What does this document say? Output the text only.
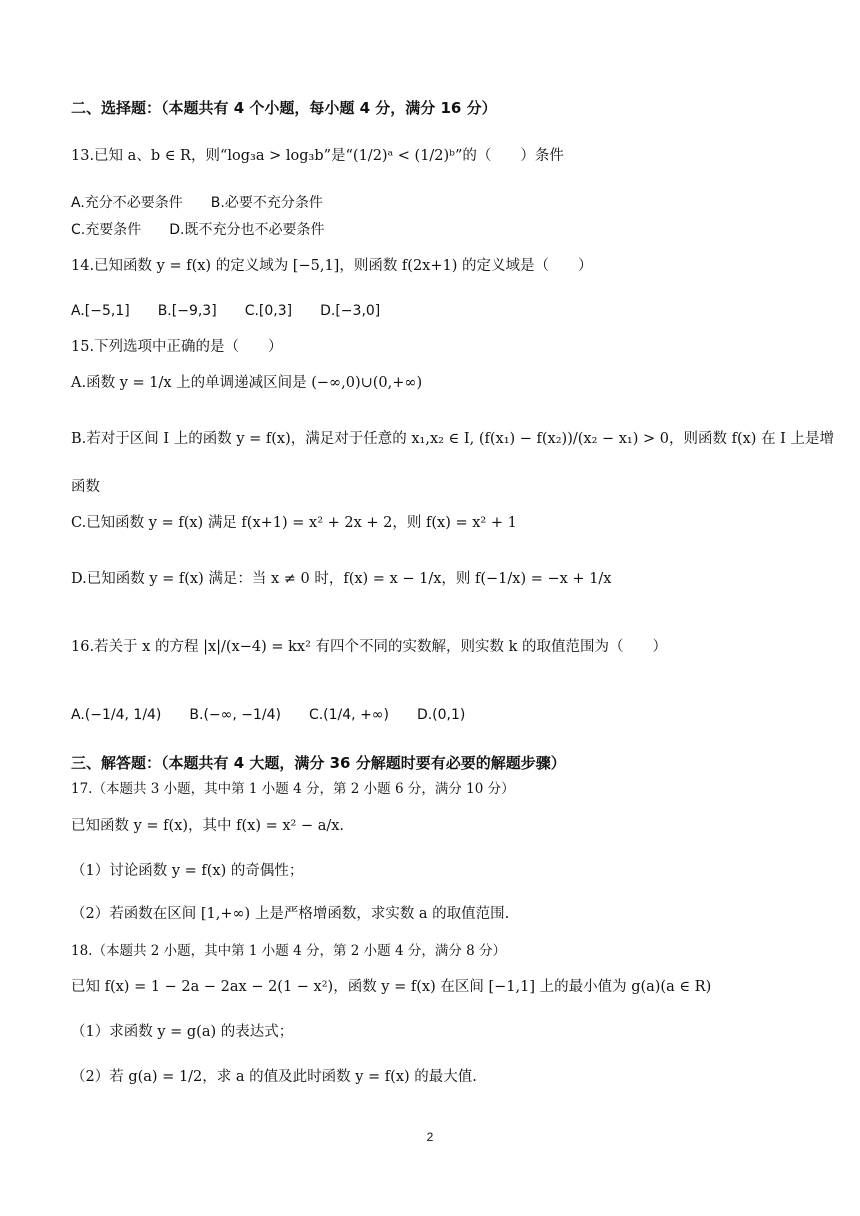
二、选择题：（本题共有 4 个小题，每小题 4 分，满分 16 分）
13.已知 a、b ∈ R，则“log₃a > log₃b”是“(1/2)ᵃ < (1/2)ᵇ”的（　　）条件
A.充分不必要条件 B.必要不充分条件
C.充要条件 D.既不充分也不必要条件
14.已知函数 y = f(x) 的定义域为 [−5,1]，则函数 f(2x+1) 的定义域是（　　）
A.[−5,1] B.[−9,3] C.[0,3] D.[−3,0]
15.下列选项中正确的是（　　）
A.函数 y = 1/x 上的单调递减区间是 (−∞,0)∪(0,+∞)
B.若对于区间 I 上的函数 y = f(x)，满足对于任意的 x₁,x₂ ∈ I, (f(x₁) − f(x₂))/(x₂ − x₁) > 0，则函数 f(x) 在 I 上是增
函数
C.已知函数 y = f(x) 满足 f(x+1) = x² + 2x + 2，则 f(x) = x² + 1
D.已知函数 y = f(x) 满足：当 x ≠ 0 时，f(x) = x − 1/x，则 f(−1/x) = −x + 1/x
16.若关于 x 的方程 |x|/(x−4) = kx² 有四个不同的实数解，则实数 k 的取值范围为（　　）
A.(−1/4, 1/4) B.(−∞, −1/4) C.(1/4, +∞) D.(0,1)
三、解答题：（本题共有 4 大题，满分 36 分解题时要有必要的解题步骤）
17.（本题共 3 小题，其中第 1 小题 4 分，第 2 小题 6 分，满分 10 分）
已知函数 y = f(x)，其中 f(x) = x² − a/x.
（1）讨论函数 y = f(x) 的奇偶性；
（2）若函数在区间 [1,+∞) 上是严格增函数，求实数 a 的取值范围.
18.（本题共 2 小题，其中第 1 小题 4 分，第 2 小题 4 分，满分 8 分）
已知 f(x) = 1 − 2a − 2ax − 2(1 − x²)，函数 y = f(x) 在区间 [−1,1] 上的最小值为 g(a)(a ∈ R)
（1）求函数 y = g(a) 的表达式；
（2）若 g(a) = 1/2，求 a 的值及此时函数 y = f(x) 的最大值.
2
